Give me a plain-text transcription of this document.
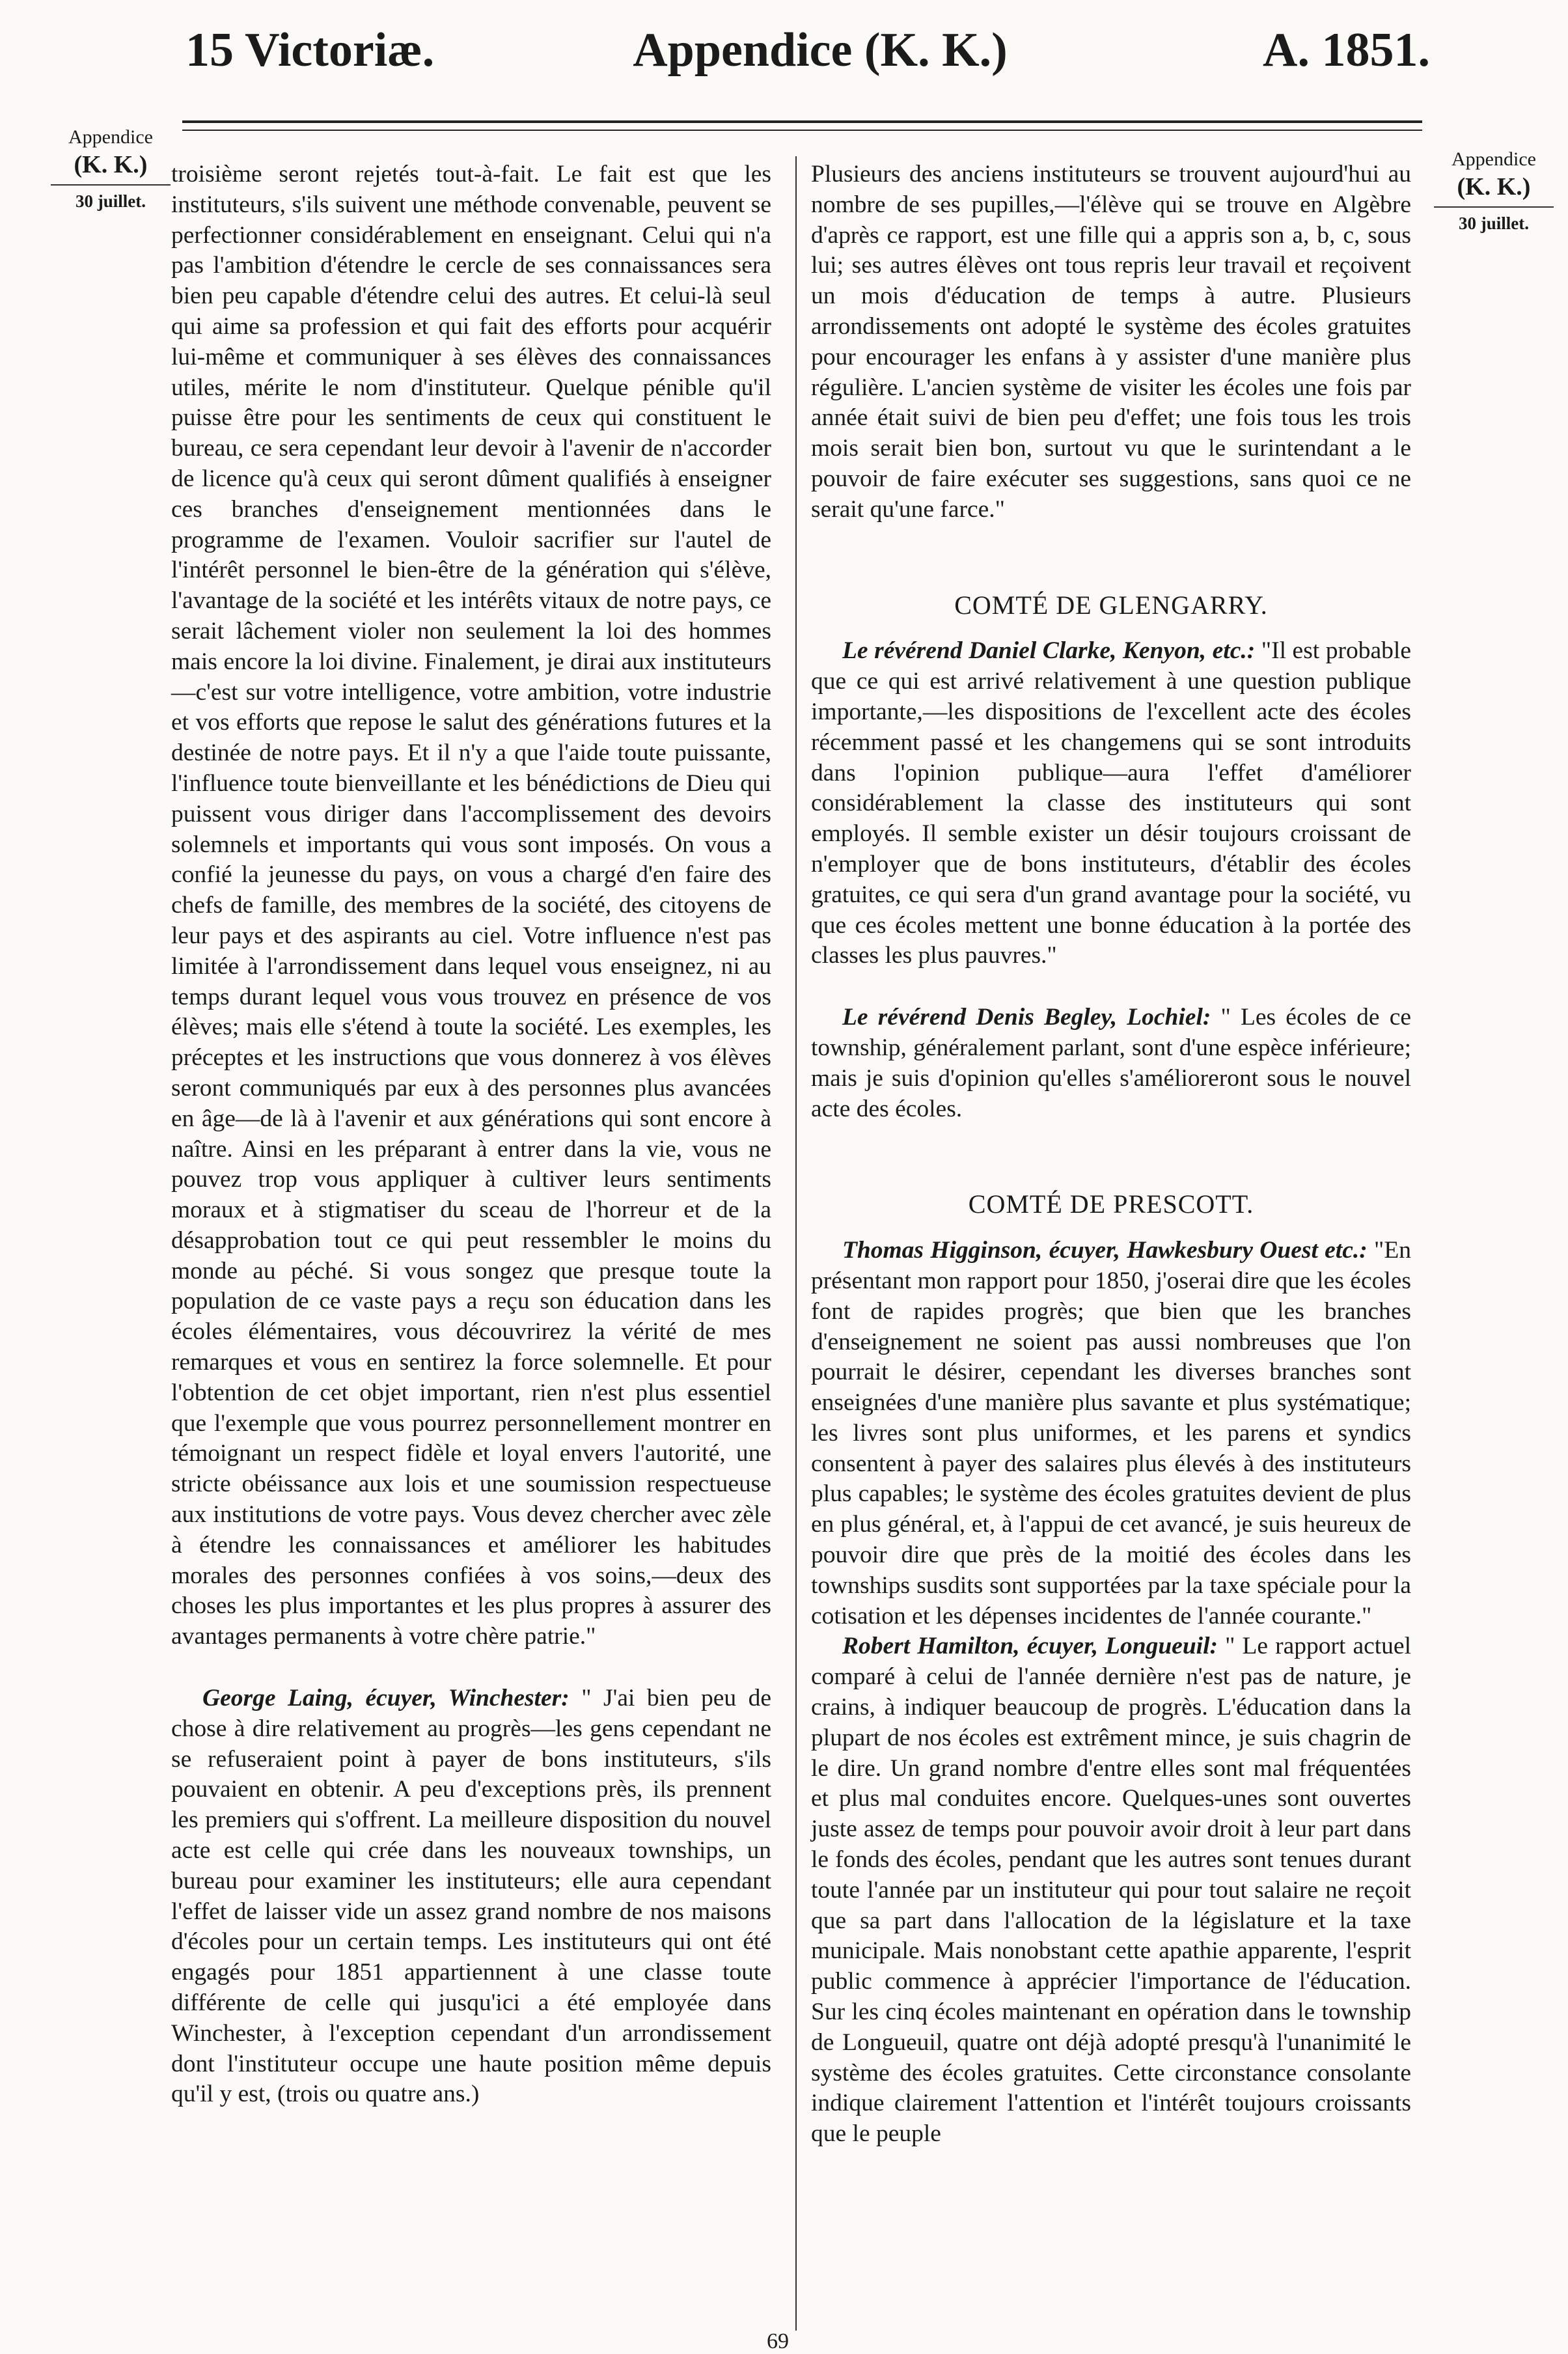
15 Victoriæ.	Appendice (K. K.)	A. 1851.
Appendice
(K. K.)
30 juillet.
Appendice
(K. K.)
30 juillet.

troisième seront rejetés tout-à-fait. Le fait est que les instituteurs, s'ils suivent une méthode convenable, peuvent se perfectionner considérablement en enseignant. Celui qui n'a pas l'ambition d'étendre le cercle de ses connaissances sera bien peu capable d'étendre celui des autres. Et celui-là seul qui aime sa profession et qui fait des efforts pour acquérir lui-même et communiquer à ses élèves des connaissances utiles, mérite le nom d'instituteur. Quelque pénible qu'il puisse être pour les sentiments de ceux qui constituent le bureau, ce sera cependant leur devoir à l'avenir de n'accorder de licence qu'à ceux qui seront dûment qualifiés à enseigner ces branches d'enseignement mentionnées dans le programme de l'examen. Vouloir sacrifier sur l'autel de l'intérêt personnel le bien-être de la génération qui s'élève, l'avantage de la société et les intérêts vitaux de notre pays, ce serait lâchement violer non seulement la loi des hommes mais encore la loi divine. Finalement, je dirai aux instituteurs—c'est sur votre intelligence, votre ambition, votre industrie et vos efforts que repose le salut des générations futures et la destinée de notre pays. Et il n'y a que l'aide toute puissante, l'influence toute bienveillante et les bénédictions de Dieu qui puissent vous diriger dans l'accomplissement des devoirs solemnels et importants qui vous sont imposés. On vous a confié la jeunesse du pays, on vous a chargé d'en faire des chefs de famille, des membres de la société, des citoyens de leur pays et des aspirants au ciel. Votre influence n'est pas limitée à l'arrondissement dans lequel vous enseignez, ni au temps durant lequel vous vous trouvez en présence de vos élèves; mais elle s'étend à toute la société. Les exemples, les préceptes et les instructions que vous donnerez à vos élèves seront communiqués par eux à des personnes plus avancées en âge—de là à l'avenir et aux générations qui sont encore à naître. Ainsi en les préparant à entrer dans la vie, vous ne pouvez trop vous appliquer à cultiver leurs sentiments moraux et à stigmatiser du sceau de l'horreur et de la désapprobation tout ce qui peut ressembler le moins du monde au péché. Si vous songez que presque toute la population de ce vaste pays a reçu son éducation dans les écoles élémentaires, vous découvrirez la vérité de mes remarques et vous en sentirez la force solemnelle. Et pour l'obtention de cet objet important, rien n'est plus essentiel que l'exemple que vous pourrez personnellement montrer en témoignant un respect fidèle et loyal envers l'autorité, une stricte obéissance aux lois et une soumission respectueuse aux institutions de votre pays. Vous devez chercher avec zèle à étendre les connaissances et améliorer les habitudes morales des personnes confiées à vos soins,—deux des choses les plus importantes et les plus propres à assurer des avantages permanents à votre chère patrie."

George Laing, écuyer, Winchester: " J'ai bien peu de chose à dire relativement au progrès—les gens cependant ne se refuseraient point à payer de bons instituteurs, s'ils pouvaient en obtenir. A peu d'exceptions près, ils prennent les premiers qui s'offrent. La meilleure disposition du nouvel acte est celle qui crée dans les nouveaux townships, un bureau pour examiner les instituteurs; elle aura cependant l'effet de laisser vide un assez grand nombre de nos maisons d'écoles pour un certain temps. Les instituteurs qui ont été engagés pour 1851 appartiennent à une classe toute différente de celle qui jusqu'ici a été employée dans Winchester, à l'exception cependant d'un arrondissement dont l'instituteur occupe une haute position même depuis qu'il y est, (trois ou quatre ans.)

Plusieurs des anciens instituteurs se trouvent aujourd'hui au nombre de ses pupilles,—l'élève qui se trouve en Algèbre d'après ce rapport, est une fille qui a appris son a, b, c, sous lui; ses autres élèves ont tous repris leur travail et reçoivent un mois d'éducation de temps à autre. Plusieurs arrondissements ont adopté le système des écoles gratuites pour encourager les enfans à y assister d'une manière plus régulière. L'ancien système de visiter les écoles une fois par année était suivi de bien peu d'effet; une fois tous les trois mois serait bien bon, surtout vu que le surintendant a le pouvoir de faire exécuter ses suggestions, sans quoi ce ne serait qu'une farce."

COMTÉ DE GLENGARRY.

Le révérend Daniel Clarke, Kenyon, etc.: "Il est probable que ce qui est arrivé relativement à une question publique importante,—les dispositions de l'excellent acte des écoles récemment passé et les changemens qui se sont introduits dans l'opinion publique—aura l'effet d'améliorer considérablement la classe des instituteurs qui sont employés. Il semble exister un désir toujours croissant de n'employer que de bons instituteurs, d'établir des écoles gratuites, ce qui sera d'un grand avantage pour la société, vu que ces écoles mettent une bonne éducation à la portée des classes les plus pauvres."

Le révérend Denis Begley, Lochiel: " Les écoles de ce township, généralement parlant, sont d'une espèce inférieure; mais je suis d'opinion qu'elles s'amélioreront sous le nouvel acte des écoles.

COMTÉ DE PRESCOTT.

Thomas Higginson, écuyer, Hawkesbury Ouest etc.: "En présentant mon rapport pour 1850, j'oserai dire que les écoles font de rapides progrès; que bien que les branches d'enseignement ne soient pas aussi nombreuses que l'on pourrait le désirer, cependant les diverses branches sont enseignées d'une manière plus savante et plus systématique; les livres sont plus uniformes, et les parens et syndics consentent à payer des salaires plus élevés à des instituteurs plus capables; le système des écoles gratuites devient de plus en plus général, et, à l'appui de cet avancé, je suis heureux de pouvoir dire que près de la moitié des écoles dans les townships susdits sont supportées par la taxe spéciale pour la cotisation et les dépenses incidentes de l'année courante."

Robert Hamilton, écuyer, Longueuil: " Le rapport actuel comparé à celui de l'année dernière n'est pas de nature, je crains, à indiquer beaucoup de progrès. L'éducation dans la plupart de nos écoles est extrêment mince, je suis chagrin de le dire. Un grand nombre d'entre elles sont mal fréquentées et plus mal conduites encore. Quelques-unes sont ouvertes juste assez de temps pour pouvoir avoir droit à leur part dans le fonds des écoles, pendant que les autres sont tenues durant toute l'année par un instituteur qui pour tout salaire ne reçoit que sa part dans l'allocation de la législature et la taxe municipale. Mais nonobstant cette apathie apparente, l'esprit public commence à apprécier l'importance de l'éducation. Sur les cinq écoles maintenant en opération dans le township de Longueuil, quatre ont déjà adopté presqu'à l'unanimité le système des écoles gratuites. Cette circonstance consolante indique clairement l'attention et l'intérêt toujours croissants que le peuple

69
